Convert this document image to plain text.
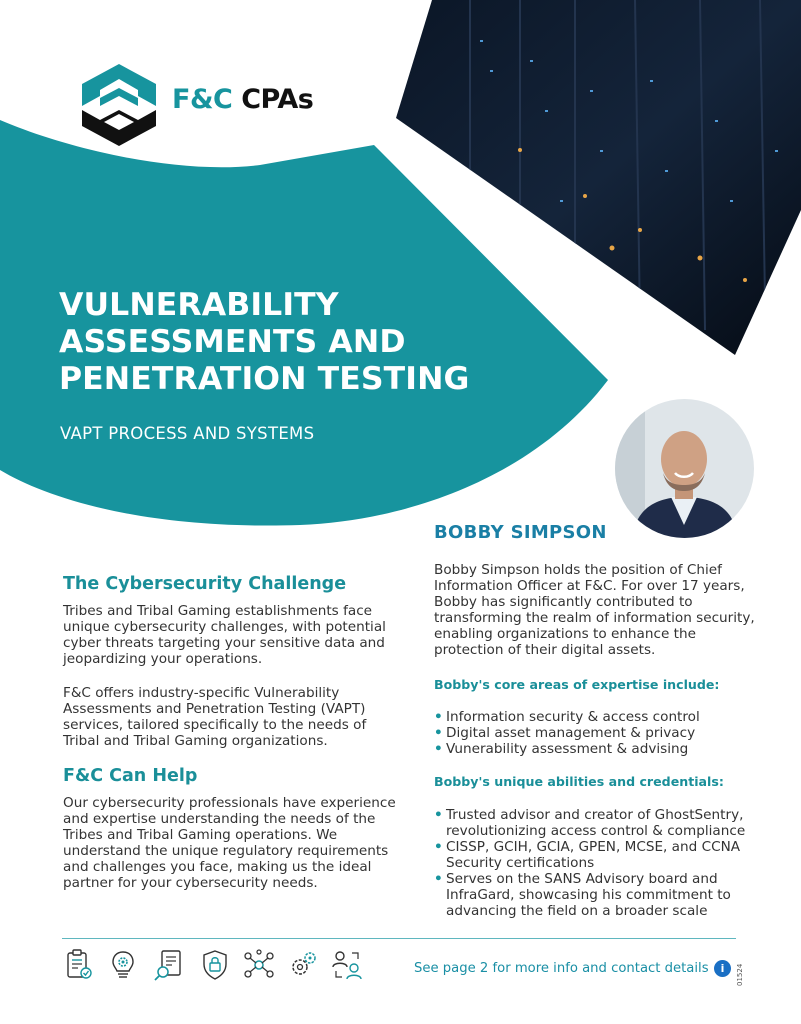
F&C CPAs
VULNERABILITY
ASSESSMENTS AND
PENETRATION TESTING
VAPT PROCESS AND SYSTEMS
The Cybersecurity Challenge
Tribes and Tribal Gaming establishments face
unique cybersecurity challenges, with potential
cyber threats targeting your sensitive data and
jeopardizing your operations.
F&C offers industry-specific Vulnerability
Assessments and Penetration Testing (VAPT)
services, tailored specifically to the needs of
Tribal and Tribal Gaming organizations.
F&C Can Help
Our cybersecurity professionals have experience
and expertise understanding the needs of the
Tribes and Tribal Gaming operations. We
understand the unique regulatory requirements
and challenges you face, making us the ideal
partner for your cybersecurity needs.
BOBBY SIMPSON
Bobby Simpson holds the position of Chief
Information Officer at F&C. For over 17 years,
Bobby has significantly contributed to
transforming the realm of information security,
enabling organizations to enhance the
protection of their digital assets.
Bobby's core areas of expertise include:
• Information security & access control
• Digital asset management & privacy
• Vunerability assessment & advising
Bobby's unique abilities and credentials:
• Trusted advisor and creator of GhostSentry,
revolutionizing access control & compliance
• CISSP, GCIH, GCIA, GPEN, MCSE, and CCNA
Security certifications
• Serves on the SANS Advisory board and
InfraGard, showcasing his commitment to
advancing the field on a broader scale
See page 2 for more info and contact details	i	01524
